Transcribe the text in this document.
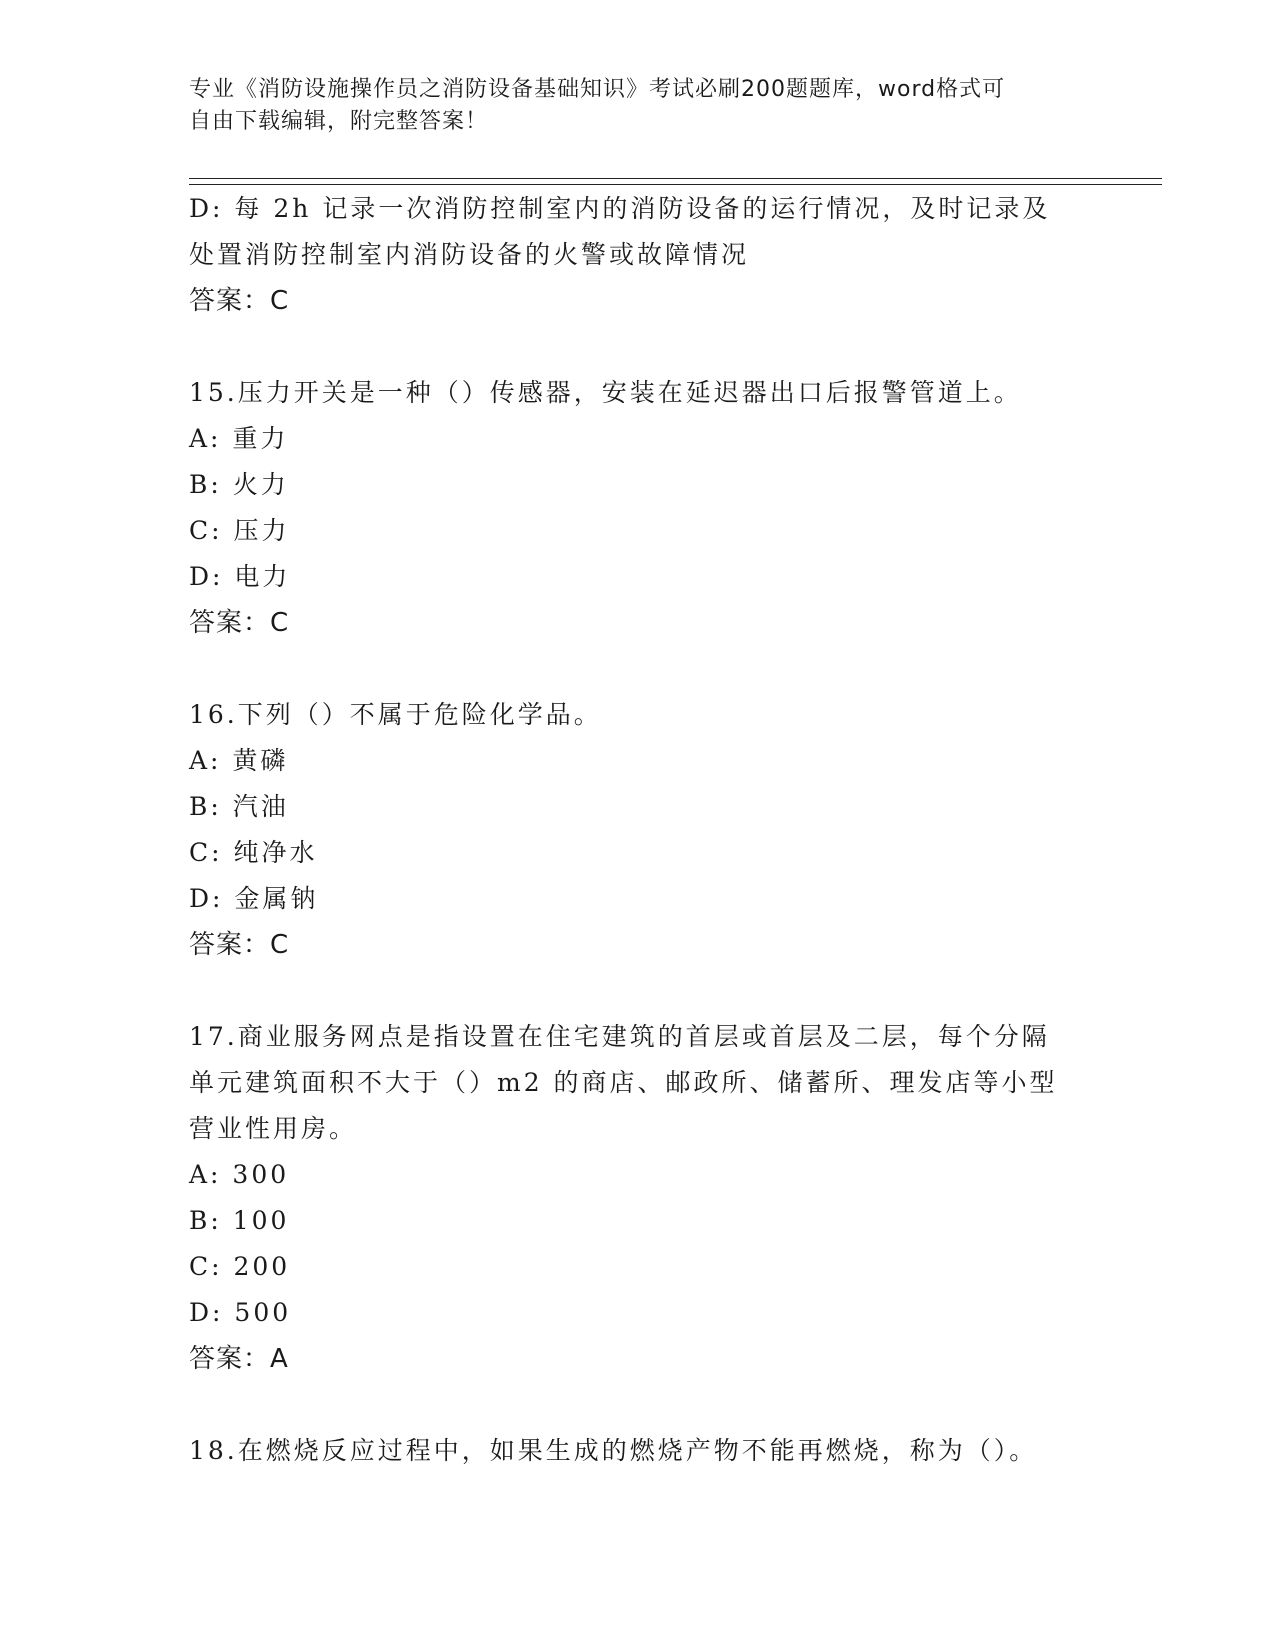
专业《消防设施操作员之消防设备基础知识》考试必刷200题题库，word格式可
自由下载编辑，附完整答案！
D: 每 2h 记录一次消防控制室内的消防设备的运行情况，及时记录及
处置消防控制室内消防设备的火警或故障情况
答案：C
15.压力开关是一种（）传感器，安装在延迟器出口后报警管道上。
A: 重力
B: 火力
C: 压力
D: 电力
答案：C
16.下列（）不属于危险化学品。
A: 黄磷
B: 汽油
C: 纯净水
D: 金属钠
答案：C
17.商业服务网点是指设置在住宅建筑的首层或首层及二层，每个分隔
单元建筑面积不大于（）m2 的商店、邮政所、储蓄所、理发店等小型
营业性用房。
A: 300
B: 100
C: 200
D: 500
答案：A
18.在燃烧反应过程中，如果生成的燃烧产物不能再燃烧，称为（）。
